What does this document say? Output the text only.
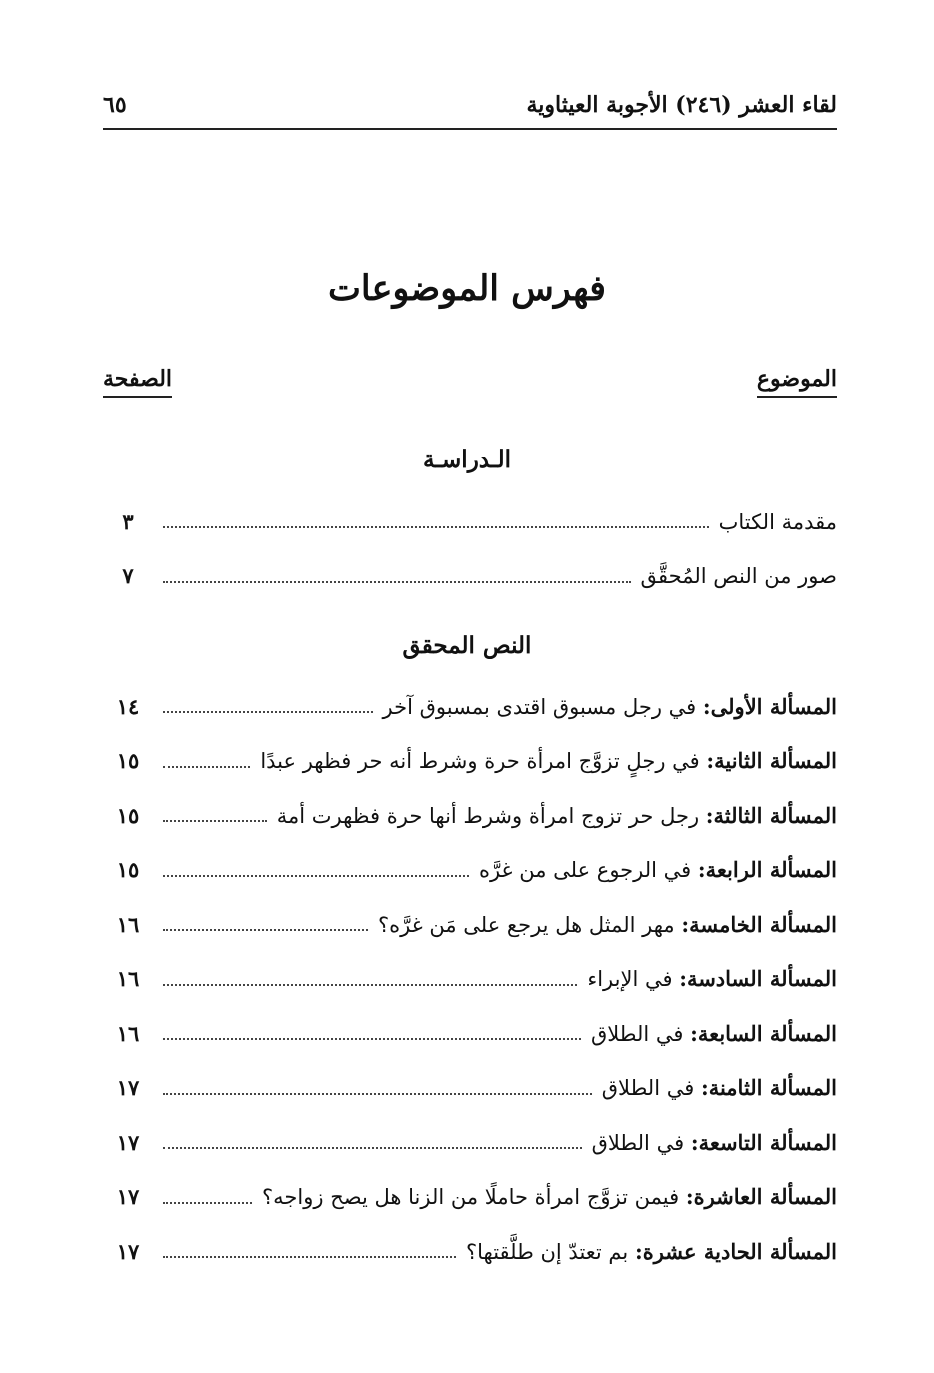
لقاء العشر (٢٤٦) الأجوبة العيثاوية
٦٥
فهرس الموضوعات
الموضوع
الصفحة
الـدراسـة
مقدمة الكتاب
٣
صور من النص المُحقَّق
٧
النص المحقق
المسألة الأولى: في رجل مسبوق اقتدى بمسبوق آخر
١٤
المسألة الثانية: في رجلٍ تزوَّج امرأة حرة وشرط أنه حر فظهر عبدًا
١٥
المسألة الثالثة: رجل حر تزوج امرأة وشرط أنها حرة فظهرت أمة
١٥
المسألة الرابعة: في الرجوع على من غرَّه
١٥
المسألة الخامسة: مهر المثل هل يرجع على مَن غرَّه؟
١٦
المسألة السادسة: في الإبراء
١٦
المسألة السابعة: في الطلاق
١٦
المسألة الثامنة: في الطلاق
١٧
المسألة التاسعة: في الطلاق
١٧
المسألة العاشرة: فيمن تزوَّج امرأة حاملًا من الزنا هل يصح زواجه؟
١٧
المسألة الحادية عشرة: بم تعتدّ إن طلَّقتها؟
١٧
